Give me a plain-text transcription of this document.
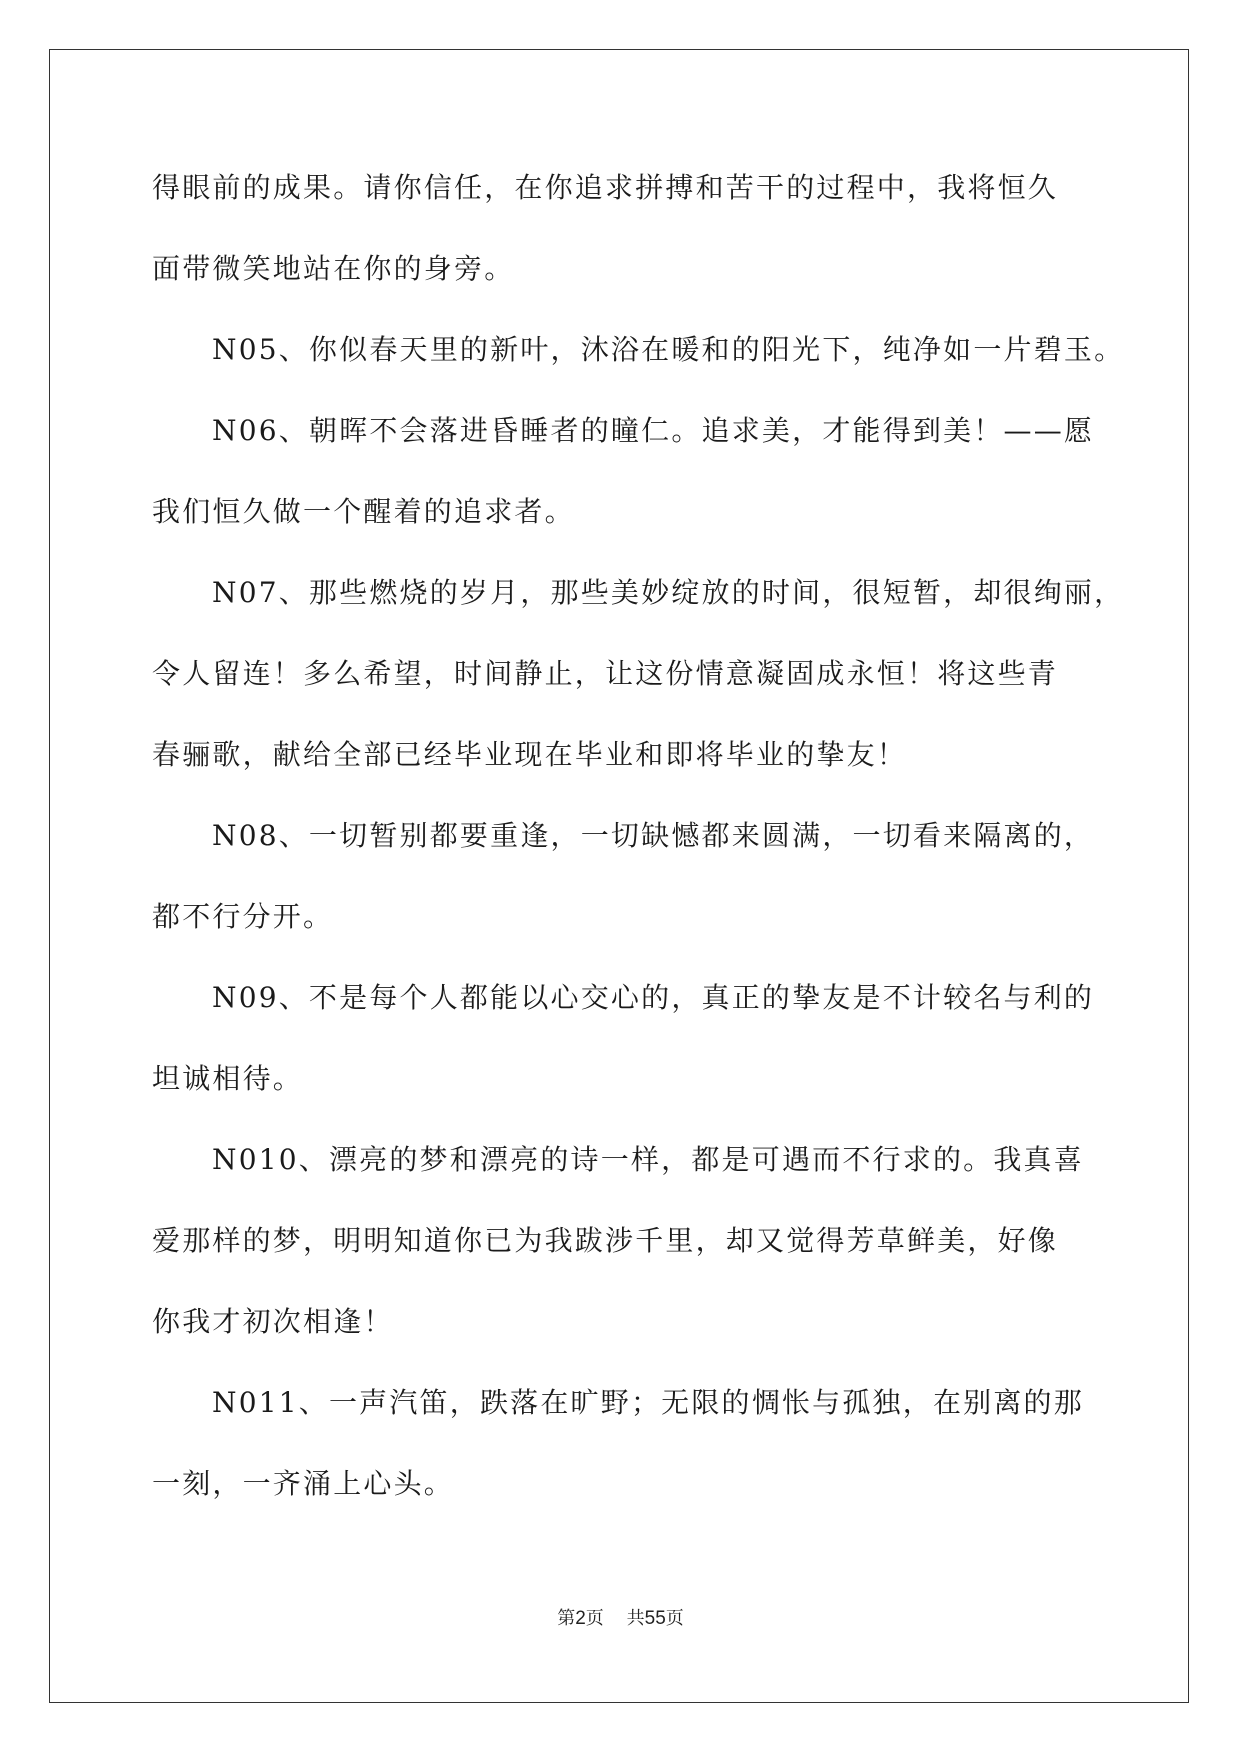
得眼前的成果。请你信任，在你追求拼搏和苦干的过程中，我将恒久
面带微笑地站在你的身旁。
N05、你似春天里的新叶，沐浴在暖和的阳光下，纯净如一片碧玉。
N06、朝晖不会落进昏睡者的瞳仁。追求美，才能得到美！——愿
我们恒久做一个醒着的追求者。
N07、那些燃烧的岁月，那些美妙绽放的时间，很短暂，却很绚丽，
令人留连！多么希望，时间静止，让这份情意凝固成永恒！将这些青
春骊歌，献给全部已经毕业现在毕业和即将毕业的挚友！
N08、一切暂别都要重逢，一切缺憾都来圆满，一切看来隔离的，
都不行分开。
N09、不是每个人都能以心交心的，真正的挚友是不计较名与利的
坦诚相待。
N010、漂亮的梦和漂亮的诗一样，都是可遇而不行求的。我真喜
爱那样的梦，明明知道你已为我跋涉千里，却又觉得芳草鲜美，好像
你我才初次相逢！
N011、一声汽笛，跌落在旷野；无限的惆怅与孤独，在别离的那
一刻，一齐涌上心头。
第2页 共55页
